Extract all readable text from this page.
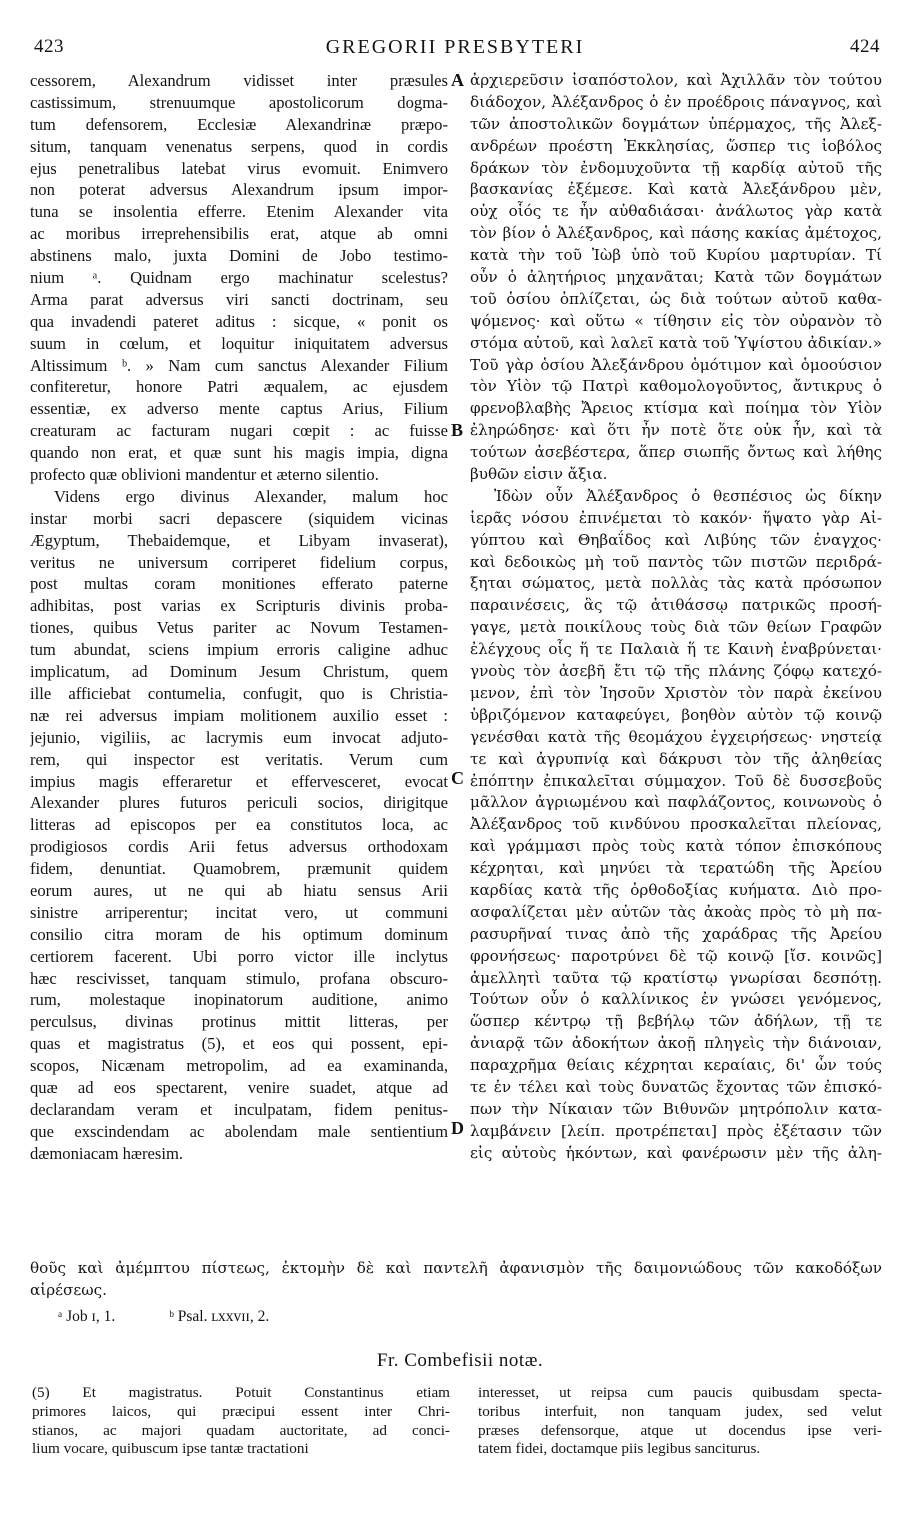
423	GREGORII PRESBYTERI	424
cessorem, Alexandrum vidisset inter præsules
castissimum, strenuumque apostolicorum dogma-
tum defensorem, Ecclesiæ Alexandrinæ præpo-
situm, tanquam venenatus serpens, quod in cordis
ejus penetralibus latebat virus evomuit. Enimvero
non poterat adversus Alexandrum ipsum impor-
tuna se insolentia efferre. Etenim Alexander vita
ac moribus irreprehensibilis erat, atque ab omni
abstinens malo, juxta Domini de Jobo testimo-
nium ᵃ. Quidnam ergo machinatur scelestus?
Arma parat adversus viri sancti doctrinam, seu
qua invadendi pateret aditus : sicque, « ponit os
suum in cœlum, et loquitur iniquitatem adversus
Altissimum ᵇ. » Nam cum sanctus Alexander Filium
confiteretur, honore Patri æqualem, ac ejusdem
essentiæ, ex adverso mente captus Arius, Filium
creaturam ac facturam nugari cœpit : ac fuisse
quando non erat, et quæ sunt his magis impia, digna
profecto quæ oblivioni mandentur et æterno silentio.
Videns ergo divinus Alexander, malum hoc
instar morbi sacri depascere (siquidem vicinas
Ægyptum, Thebaidemque, et Libyam invaserat),
veritus ne universum corriperet fidelium corpus,
post multas coram monitiones efferato paterne
adhibitas, post varias ex Scripturis divinis proba-
tiones, quibus Vetus pariter ac Novum Testamen-
tum abundat, sciens impium erroris caligine adhuc
implicatum, ad Dominum Jesum Christum, quem
ille afficiebat contumelia, confugit, quo is Christia-
næ rei adversus impiam molitionem auxilio esset :
jejunio, vigiliis, ac lacrymis eum invocat adjuto-
rem, qui inspector est veritatis. Verum cum
impius magis efferaretur et effervesceret, evocat
Alexander plures futuros periculi socios, dirigitque
litteras ad episcopos per ea constitutos loca, ac
prodigiosos cordis Arii fetus adversus orthodoxam
fidem, denuntiat. Quamobrem, præmunit quidem
eorum aures, ut ne qui ab hiatu sensus Arii
sinistre arriperentur; incitat vero, ut communi
consilio citra moram de his optimum dominum
certiorem facerent. Ubi porro victor ille inclytus
hæc rescivisset, tanquam stimulo, profana obscuro-
rum, molestaque inopinatorum auditione, animo
perculsus, divinas protinus mittit litteras, per
quas et magistratus (5), et eos qui possent, epi-
scopos, Nicænam metropolim, ad ea examinanda,
quæ ad eos spectarent, venire suadet, atque ad
declarandam veram et inculpatam, fidem penitus-
que exscindendam ac abolendam male sentientium
dæmoniacam hæresim.
ἀρχιερεῦσιν ἰσαπόστολον, καὶ Ἀχιλλᾶν τὸν τούτου
διάδοχον, Ἀλέξανδρος ὁ ἐν προέδροις πάναγνος, καὶ
τῶν ἀποστολικῶν δογμάτων ὑπέρμαχος, τῆς Ἀλεξ-
ανδρέων προέστη Ἐκκλησίας, ὥσπερ τις ἰοβόλος
δράκων τὸν ἐνδομυχοῦντα τῇ καρδίᾳ αὐτοῦ τῆς
βασκανίας ἐξέμεσε. Καὶ κατὰ Ἀλεξάνδρου μὲν,
οὐχ οἷός τε ἦν αὐθαδιάσαι· ἀνάλωτος γὰρ κατὰ
τὸν βίον ὁ Ἀλέξανδρος, καὶ πάσης κακίας ἀμέτοχος,
κατὰ τὴν τοῦ Ἰὼβ ὑπὸ τοῦ Κυρίου μαρτυρίαν. Τί
οὖν ὁ ἀλητήριος μηχανᾶται; Κατὰ τῶν δογμάτων
τοῦ ὁσίου ὁπλίζεται, ὡς διὰ τούτων αὐτοῦ καθα-
ψόμενος· καὶ οὕτω « τίθησιν εἰς τὸν οὐρανὸν τὸ
στόμα αὐτοῦ, καὶ λαλεῖ κατὰ τοῦ Ὑψίστου ἀδικίαν.»
Τοῦ γὰρ ὁσίου Ἀλεξάνδρου ὁμότιμον καὶ ὁμοούσιον
τὸν Υἱὸν τῷ Πατρὶ καθομολογοῦντος, ἄντικρυς ὁ
φρενοβλαβὴς Ἄρειος κτίσμα καὶ ποίημα τὸν Υἱὸν
ἐληρώδησε· καὶ ὅτι ἦν ποτὲ ὅτε οὐκ ἦν, καὶ τὰ
τούτων ἀσεβέστερα, ἅπερ σιωπῆς ὄντως καὶ λήθης
βυθῶν εἰσιν ἄξια.
Ἰδὼν οὖν Ἀλέξανδρος ὁ θεσπέσιος ὡς δίκην
ἱερᾶς νόσου ἐπινέμεται τὸ κακόν· ἥψατο γὰρ Αἰ-
γύπτου καὶ Θηβαΐδος καὶ Λιβύης τῶν ἐναγχος·
καὶ δεδοικὼς μὴ τοῦ παντὸς τῶν πιστῶν περιδρά-
ξηται σώματος, μετὰ πολλὰς τὰς κατὰ πρόσωπον
παραινέσεις, ἃς τῷ ἀτιθάσσῳ πατρικῶς προσή-
γαγε, μετὰ ποικίλους τοὺς διὰ τῶν θείων Γραφῶν
ἐλέγχους οἷς ἥ τε Παλαιὰ ἥ τε Καινὴ ἐναβρύνεται·
γνοὺς τὸν ἀσεβῆ ἔτι τῷ τῆς πλάνης ζόφῳ κατεχό-
μενον, ἐπὶ τὸν Ἰησοῦν Χριστὸν τὸν παρὰ ἐκείνου
ὑβριζόμενον καταφεύγει, βοηθὸν αὐτὸν τῷ κοινῷ
γενέσθαι κατὰ τῆς θεομάχου ἐγχειρήσεως· νηστείᾳ
τε καὶ ἀγρυπνίᾳ καὶ δάκρυσι τὸν τῆς ἀληθείας
ἐπόπτην ἐπικαλεῖται σύμμαχον. Τοῦ δὲ δυσσεβοῦς
μᾶλλον ἀγριωμένου καὶ παφλάζοντος, κοινωνοὺς ὁ
Ἀλέξανδρος τοῦ κινδύνου προσκαλεῖται πλείονας,
καὶ γράμμασι πρὸς τοὺς κατὰ τόπον ἐπισκόπους
κέχρηται, καὶ μηνύει τὰ τερατώδη τῆς Ἀρείου
καρδίας κατὰ τῆς ὀρθοδοξίας κυήματα. Διὸ προ-
ασφαλίζεται μὲν αὐτῶν τὰς ἀκοὰς πρὸς τὸ μὴ πα-
ρασυρῆναί τινας ἀπὸ τῆς χαράδρας τῆς Ἀρείου
φρονήσεως· παροτρύνει δὲ τῷ κοινῷ [ἴσ. κοινῶς]
ἀμελλητὶ ταῦτα τῷ κρατίστῳ γνωρίσαι δεσπότῃ.
Τούτων οὖν ὁ καλλίνικος ἐν γνώσει γενόμενος,
ὥσπερ κέντρῳ τῇ βεβήλῳ τῶν ἀδήλων, τῇ τε
ἀνιαρᾷ τῶν ἀδοκήτων ἀκοῇ πληγεὶς τὴν διάνοιαν,
παραχρῆμα θείαις κέχρηται κεραίαις, δι' ὧν τούς
τε ἐν τέλει καὶ τοὺς δυνατῶς ἔχοντας τῶν ἐπισκό-
πων τὴν Νίκαιαν τῶν Βιθυνῶν μητρόπολιν κατα-
λαμβάνειν [λείπ. προτρέπεται] πρὸς ἐξέτασιν τῶν
εἰς αὐτοὺς ἡκόντων, καὶ φανέρωσιν μὲν τῆς ἀλη-
A
B
C
D
θοῦς καὶ ἀμέμπτου πίστεως, ἐκτομὴν δὲ καὶ παντελῆ ἀφανισμὸν τῆς δαιμονιώδους τῶν κακοδόξων
αἱρέσεως.
ᵃ Job ɪ, 1.	ᵇ Psal. ʟxxvɪɪ, 2.
Fr. Combefisii notæ.
(5) Et magistratus. Potuit Constantinus etiam
primores laicos, qui præcipui essent inter Chri-
stianos, ac majori quadam auctoritate, ad conci-
lium vocare, quibuscum ipse tantæ tractationi
interesset, ut reipsa cum paucis quibusdam specta-
toribus interfuit, non tanquam judex, sed velut
præses defensorque, atque ut docendus ipse veri-
tatem fidei, doctamque piis legibus sanciturus.
